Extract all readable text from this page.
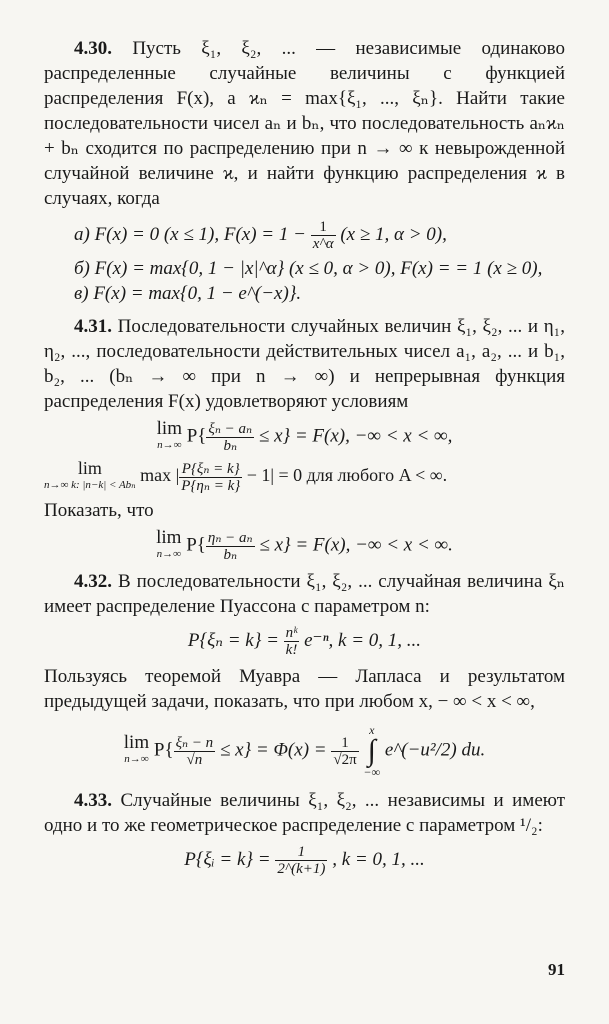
4.30. Пусть ξ₁, ξ₂, ... — независимые одинаково распределенные случайные величины с функцией распределения F(x), а ϰₙ = max{ξ₁, ..., ξₙ}. Найти такие последовательности чисел aₙ и bₙ, что последовательность aₙϰₙ + bₙ сходится по распределению при n → ∞ к невырожденной случайной величине ϰ, и найти функцию распределения ϰ в случаях, когда

а) F(x) = 0 (x ≤ 1), $F(x) = 1 - \frac{1}{x\^{}\alpha} (x \ge 1$, α > 0),

б) F(x) = max{0, 1 − |x|^α} (x ≤ 0, α > 0), F(x) = = 1 (x ≥ 0),

в) F(x) = max{0, 1 − e^(−x)}.

4.31. Последовательности случайных величин ξ₁, ξ₂, ... и η₁, η₂, ..., последовательности действительных чисел a₁, a₂, ... и b₁, b₂, ... (bₙ → ∞ при n → ∞) и непрерывная функция распределения F(x) удовлетворяют условиям

lim
n→∞ $P\{ \frac{\text{ξₙ − aₙ}}{\text{bₙ}} \le x\} = F(x)$, −∞ < x < ∞,
lim
n→∞ k: |n−k| < Abₙ max | $\frac{\text{P\{ξₙ = k\}}}{\text{P\{ηₙ = k\}}} - 1| = 0$ для любого A < ∞.

Показать, что

lim
n→∞ $P\{ \frac{\text{ηₙ − aₙ}}{\text{bₙ}} \le x\} = F(x)$, −∞ < x < ∞.

4.32. В последовательности ξ₁, ξ₂, ... случайная величина ξₙ имеет распределение Пуассона с параметром n:

$P\{\xi_n = k\} = \frac{\text{nᵏ}}{k!} e^{-n}$, k = 0, 1, ...

Пользуясь теоремой Муавра — Лапласа и результатом предыдущей задачи, показать, что при любом x, − ∞ < x < ∞,

lim
n→∞ $P\{ \frac{\text{ξₙ − n}}{√n} \le x\} = \Phi(x) = \frac{1}{√2\pi}$

x
∫
−∞
e^(−u²/2) du.

4.33. Случайные величины ξ₁, ξ₂, ... независимы и имеют одно и то же геометрическое распределение с параметром ¹/₂:

P{ξᵢ = $k\} = \frac{1}{2\^{}(k+1)}$ , k = 0, 1, ...
91
